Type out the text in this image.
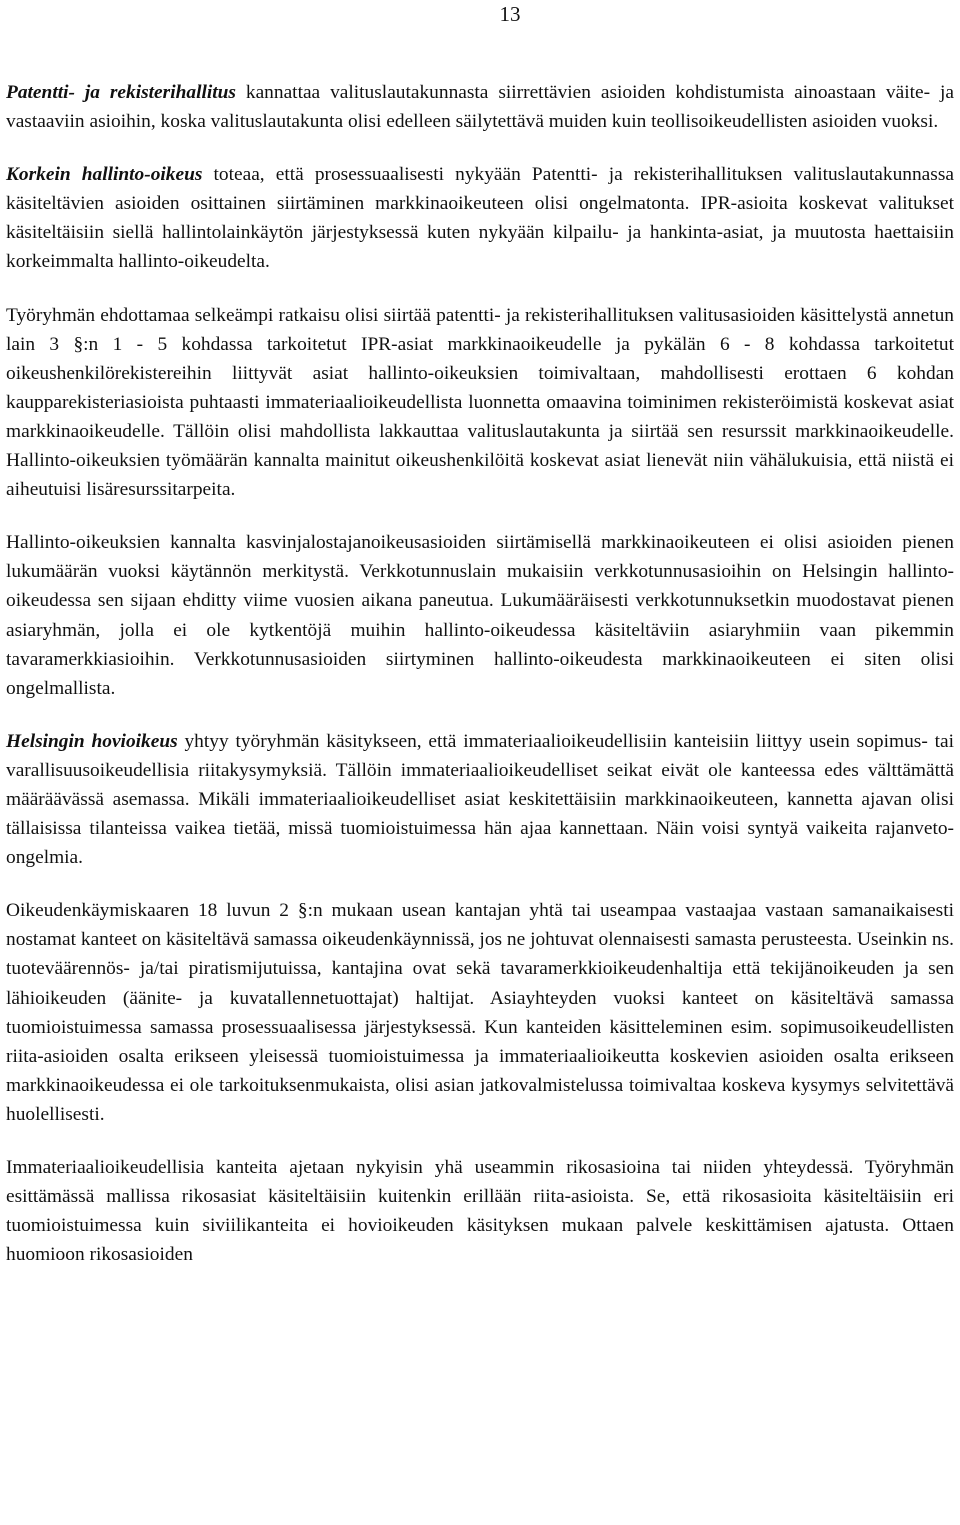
13

Patentti- ja rekisterihallitus kannattaa valituslautakunnasta siirrettävien asioiden kohdistumista ainoastaan väite- ja vastaaviin asioihin, koska valituslautakunta olisi edelleen säilytettävä muiden kuin teollisoikeudellisten asioiden vuoksi.

Korkein hallinto-oikeus toteaa, että prosessuaalisesti nykyään Patentti- ja rekisterihallituksen valituslautakunnassa käsiteltävien asioiden osittainen siirtäminen markkinaoikeuteen olisi ongelmatonta. IPR-asioita koskevat valitukset käsiteltäisiin siellä hallintolainkäytön järjestyksessä kuten nykyään kilpailu- ja hankinta-asiat, ja muutosta haettaisiin korkeimmalta hallinto-oikeudelta.

Työryhmän ehdottamaa selkeämpi ratkaisu olisi siirtää patentti- ja rekisterihallituksen valitusasioiden käsittelystä annetun lain 3 §:n 1 - 5 kohdassa tarkoitetut IPR-asiat markkinaoikeudelle ja pykälän 6 - 8 kohdassa tarkoitetut oikeushenkilörekistereihin liittyvät asiat hallinto-oikeuksien toimivaltaan, mahdollisesti erottaen 6 kohdan kaupparekisteriasioista puhtaasti immateriaalioikeudellista luonnetta omaavina toiminimen rekisteröimistä koskevat asiat markkinaoikeudelle. Tällöin olisi mahdollista lakkauttaa valituslautakunta ja siirtää sen resurssit markkinaoikeudelle. Hallinto-oikeuksien työmäärän kannalta mainitut oikeushenkilöitä koskevat asiat lienevät niin vähälukuisia, että niistä ei aiheutuisi lisäresurssitarpeita.

Hallinto-oikeuksien kannalta kasvinjalostajanoikeusasioiden siirtämisellä markkinaoikeuteen ei olisi asioiden pienen lukumäärän vuoksi käytännön merkitystä. Verkkotunnuslain mukaisiin verkkotunnusasioihin on Helsingin hallinto-oikeudessa sen sijaan ehditty viime vuosien aikana paneutua. Lukumääräisesti verkkotunnuksetkin muodostavat pienen asiaryhmän, jolla ei ole kytkentöjä muihin hallinto-oikeudessa käsiteltäviin asiaryhmiin vaan pikemmin tavaramerkkiasioihin. Verkkotunnusasioiden siirtyminen hallinto-oikeudesta markkinaoikeuteen ei siten olisi ongelmallista.

Helsingin hovioikeus yhtyy työryhmän käsitykseen, että immateriaalioikeudellisiin kanteisiin liittyy usein sopimus- tai varallisuusoikeudellisia riitakysymyksiä. Tällöin immateriaalioikeudelliset seikat eivät ole kanteessa edes välttämättä määräävässä asemassa. Mikäli immateriaalioikeudelliset asiat keskitettäisiin markkinaoikeuteen, kannetta ajavan olisi tällaisissa tilanteissa vaikea tietää, missä tuomioistuimessa hän ajaa kannettaan. Näin voisi syntyä vaikeita rajanveto-ongelmia.

Oikeudenkäymiskaaren 18 luvun 2 §:n mukaan usean kantajan yhtä tai useampaa vastaajaa vastaan samanaikaisesti nostamat kanteet on käsiteltävä samassa oikeudenkäynnissä, jos ne johtuvat olennaisesti samasta perusteesta. Useinkin ns. tuoteväärennös- ja/tai piratismijutuissa, kantajina ovat sekä tavaramerkkioikeudenhaltija että tekijänoikeuden ja sen lähioikeuden (äänite- ja kuvatallennetuottajat) haltijat. Asiayhteyden vuoksi kanteet on käsiteltävä samassa tuomioistuimessa samassa prosessuaalisessa järjestyksessä. Kun kanteiden käsitteleminen esim. sopimusoikeudellisten riita-asioiden osalta erikseen yleisessä tuomioistuimessa ja immateriaalioikeutta koskevien asioiden osalta erikseen markkinaoikeudessa ei ole tarkoituksenmukaista, olisi asian jatkovalmistelussa toimivaltaa koskeva kysymys selvitettävä huolellisesti.

Immateriaalioikeudellisia kanteita ajetaan nykyisin yhä useammin rikosasioina tai niiden yhteydessä. Työryhmän esittämässä mallissa rikosasiat käsiteltäisiin kuitenkin erillään riita-asioista. Se, että rikosasioita käsiteltäisiin eri tuomioistuimessa kuin siviilikanteita ei hovioikeuden käsityksen mukaan palvele keskittämisen ajatusta. Ottaen huomioon rikosasioiden
